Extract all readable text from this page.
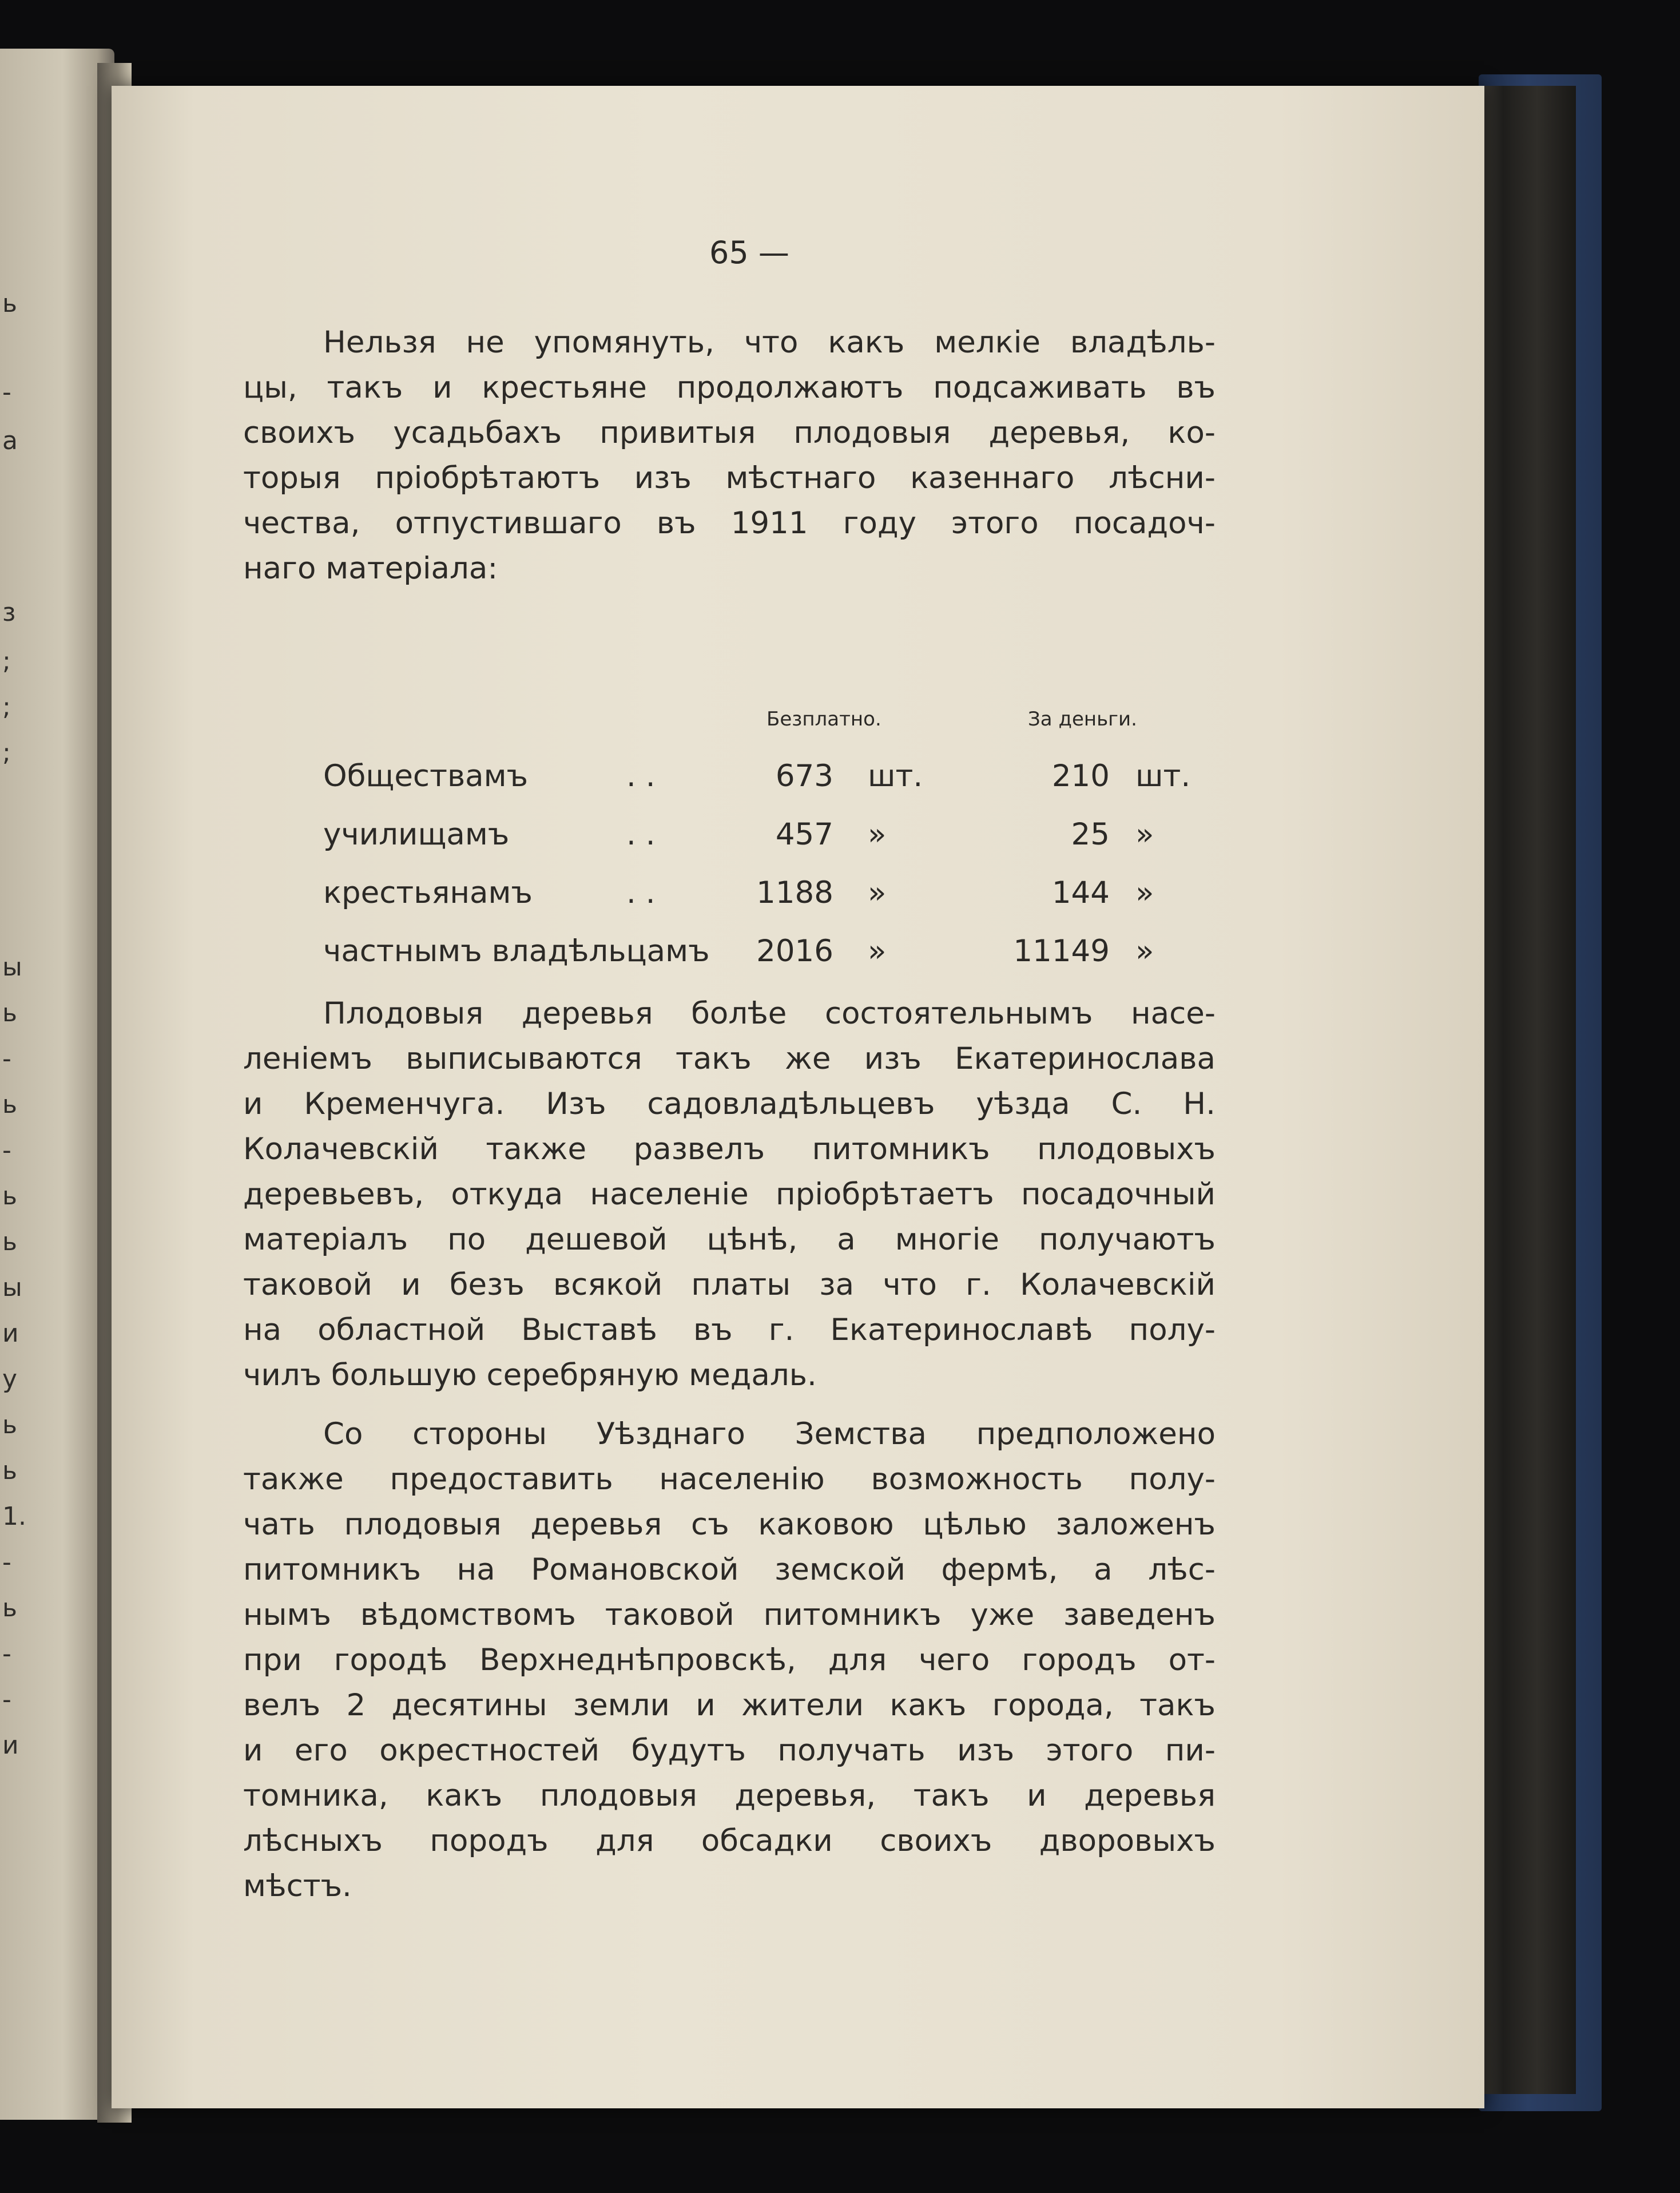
ь
-
а
з
;
;
;
ы
ь
-
ь
-
ь
ь
ы
и
у
ь
ь
1.
-
ь
-
-
и
65 —
Нельзя не упомянуть, что какъ мелкіе владѣль-
цы, такъ и крестьяне продолжаютъ подсаживать въ
своихъ усадьбахъ привитыя плодовыя деревья, ко-
торыя пріобрѣтаютъ изъ мѣстнаго казеннаго лѣсни-
чества, отпустившаго въ 1911 году этого посадоч-
наго матеріала:
Безплатно.	За деньги.
Обществамъ	. .	673 шт.	210 шт.
училищамъ	. .	457 »	25 »
крестьянамъ	. .	1188 »	144 »
частнымъ владѣльцамъ 2016 »	11149 »
Плодовыя деревья болѣе состоятельнымъ насе-
леніемъ выписываются такъ же изъ Екатеринослава
и Кременчуга. Изъ садовладѣльцевъ уѣзда С. Н.
Колачевскій также развелъ питомникъ плодовыхъ
деревьевъ, откуда населеніе пріобрѣтаетъ посадочный
матеріалъ по дешевой цѣнѣ, а многіе получаютъ
таковой и безъ всякой платы за что г. Колачевскій
на областной Выставѣ въ г. Екатеринославѣ полу-
чилъ большую серебряную медаль.
Со стороны Уѣзднаго Земства предположено
также предоставить населенію возможность полу-
чать плодовыя деревья съ каковою цѣлью заложенъ
питомникъ на Романовской земской фермѣ, а лѣс-
нымъ вѣдомствомъ таковой питомникъ уже заведенъ
при городѣ Верхнеднѣпровскѣ, для чего городъ от-
велъ 2 десятины земли и жители какъ города, такъ
и его окрестностей будутъ получать изъ этого пи-
томника, какъ плодовыя деревья, такъ и деревья
лѣсныхъ породъ для обсадки своихъ дворовыхъ
мѣстъ.
